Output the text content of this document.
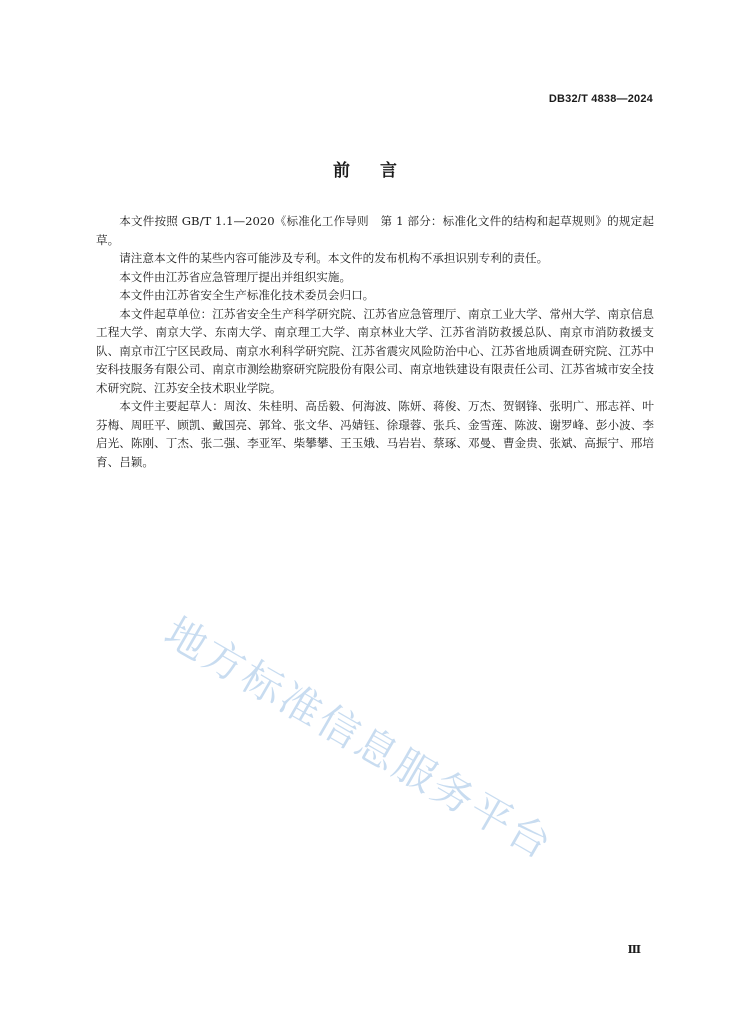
DB32/T 4838—2024
前言

本文件按照 GB/T 1.1—2020《标准化工作导则　第 1 部分：标准化文件的结构和起草规则》的规定起草。

请注意本文件的某些内容可能涉及专利。本文件的发布机构不承担识别专利的责任。

本文件由江苏省应急管理厅提出并组织实施。

本文件由江苏省安全生产标准化技术委员会归口。

本文件起草单位：江苏省安全生产科学研究院、江苏省应急管理厅、南京工业大学、常州大学、南京信息工程大学、南京大学、东南大学、南京理工大学、南京林业大学、江苏省消防救援总队、南京市消防救援支队、南京市江宁区民政局、南京水利科学研究院、江苏省震灾风险防治中心、江苏省地质调查研究院、江苏中安科技服务有限公司、南京市测绘勘察研究院股份有限公司、南京地铁建设有限责任公司、江苏省城市安全技术研究院、江苏安全技术职业学院。

本文件主要起草人：周汝、朱桂明、高岳毅、何海波、陈妍、蒋俊、万杰、贺钢锋、张明广、邢志祥、叶芬梅、周旺平、顾凯、戴国亮、郭耸、张文华、冯婧钰、徐璟蓉、张兵、金雪莲、陈波、谢罗峰、彭小波、李启光、陈刚、丁杰、张二强、李亚军、柴攀攀、王玉娥、马岩岩、蔡琢、邓曼、曹金贵、张斌、高振宁、邢培育、吕颖。

地方标准信息服务平台
Ⅲ
